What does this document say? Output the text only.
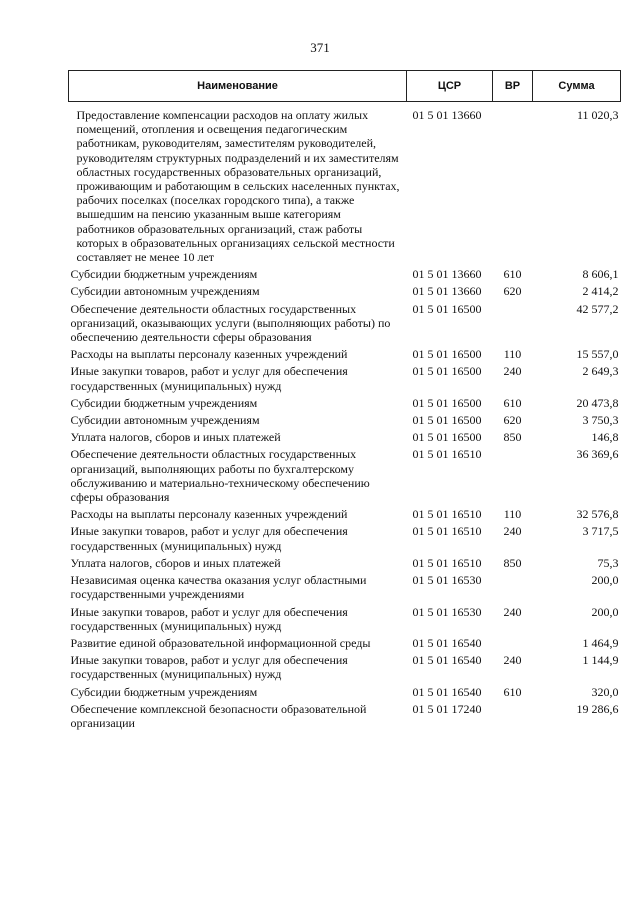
371
Наименование	ЦСР	ВР	Сумма
Предоставление компенсации расходов на оплату жилых помещений, отопления и освещения педагогическим работникам, руководителям, заместителям руководителей, руководителям структурных подразделений и их заместителям областных государственных образовательных организаций, проживающим и работающим в сельских населенных пунктах, рабочих поселках (поселках городского типа), а также вышедшим на пенсию указанным выше категориям работников образовательных организаций, стаж работы которых в образовательных организациях сельской местности составляет не менее 10 лет	01 5 01 13660		11 020,3
Субсидии бюджетным учреждениям	01 5 01 13660	610	8 606,1
Субсидии автономным учреждениям	01 5 01 13660	620	2 414,2
Обеспечение деятельности областных государственных организаций, оказывающих услуги (выполняющих работы) по обеспечению деятельности сферы образования	01 5 01 16500		42 577,2
Расходы на выплаты персоналу казенных учреждений	01 5 01 16500	110	15 557,0
Иные закупки товаров, работ и услуг для обеспечения государственных (муниципальных) нужд	01 5 01 16500	240	2 649,3
Субсидии бюджетным учреждениям	01 5 01 16500	610	20 473,8
Субсидии автономным учреждениям	01 5 01 16500	620	3 750,3
Уплата налогов, сборов и иных платежей	01 5 01 16500	850	146,8
Обеспечение деятельности областных государственных организаций, выполняющих работы по бухгалтерскому обслуживанию и материально-техническому обеспечению сферы образования	01 5 01 16510		36 369,6
Расходы на выплаты персоналу казенных учреждений	01 5 01 16510	110	32 576,8
Иные закупки товаров, работ и услуг для обеспечения государственных (муниципальных) нужд	01 5 01 16510	240	3 717,5
Уплата налогов, сборов и иных платежей	01 5 01 16510	850	75,3
Независимая оценка качества оказания услуг областными государственными учреждениями	01 5 01 16530		200,0
Иные закупки товаров, работ и услуг для обеспечения государственных (муниципальных) нужд	01 5 01 16530	240	200,0
Развитие единой образовательной информационной среды	01 5 01 16540		1 464,9
Иные закупки товаров, работ и услуг для обеспечения государственных (муниципальных) нужд	01 5 01 16540	240	1 144,9
Субсидии бюджетным учреждениям	01 5 01 16540	610	320,0
Обеспечение комплексной безопасности образовательной организации	01 5 01 17240		19 286,6
